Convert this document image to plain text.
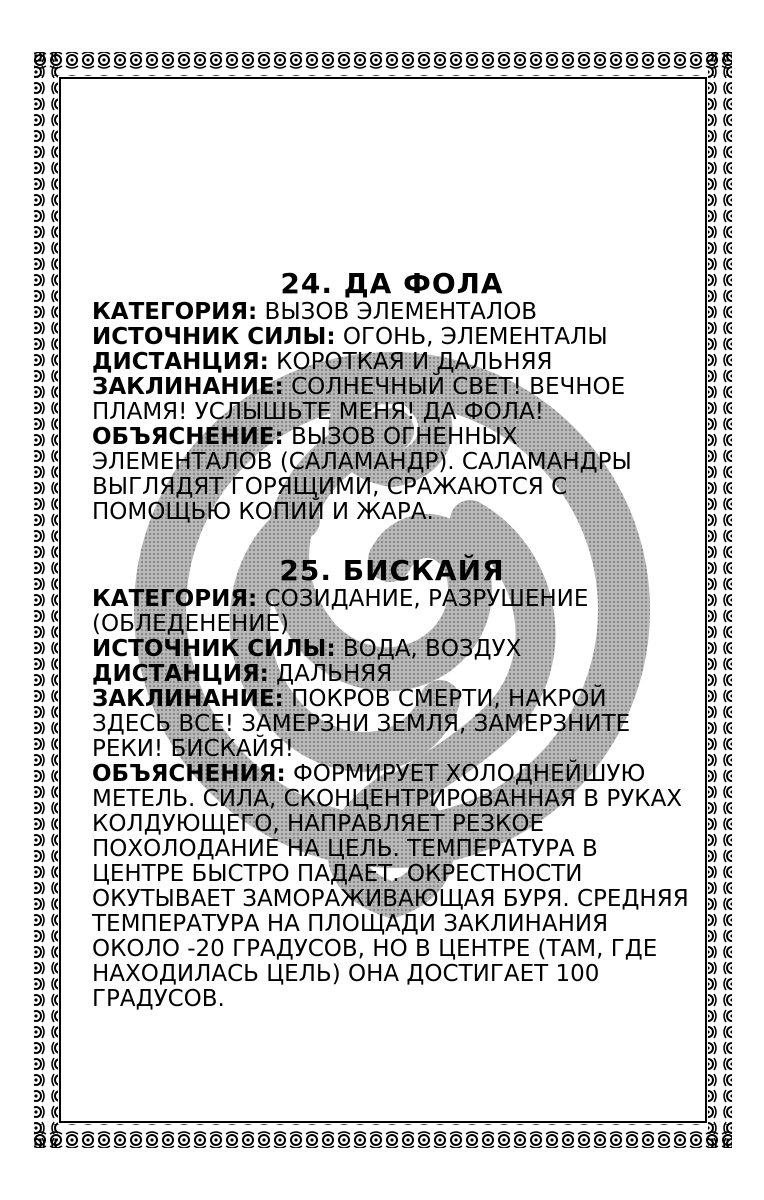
24. ДА ФОЛА

КАТЕГОРИЯ: ВЫЗОВ ЭЛЕМЕНТАЛОВ

ИСТОЧНИК СИЛЫ: ОГОНЬ, ЭЛЕМЕНТАЛЫ

ДИСТАНЦИЯ: КОРОТКАЯ И ДАЛЬНЯЯ

ЗАКЛИНАНИЕ: СОЛНЕЧНЫЙ СВЕТ! ВЕЧНОЕ ПЛАМЯ! УСЛЫШЬТЕ МЕНЯ! ДА ФОЛА!

ОБЪЯСНЕНИЕ: ВЫЗОВ ОГНЕННЫХ ЭЛЕМЕНТАЛОВ (САЛАМАНДР). САЛАМАНДРЫ ВЫГЛЯДЯТ ГОРЯЩИМИ, СРАЖАЮТСЯ С ПОМОЩЬЮ КОПИЙ И ЖАРА.

25. БИСКАЙЯ

КАТЕГОРИЯ: СОЗИДАНИЕ, РАЗРУШЕНИЕ (ОБЛЕДЕНЕНИЕ)

ИСТОЧНИК СИЛЫ: ВОДА, ВОЗДУХ

ДИСТАНЦИЯ: ДАЛЬНЯЯ

ЗАКЛИНАНИЕ: ПОКРОВ СМЕРТИ, НАКРОЙ ЗДЕСЬ ВСЕ! ЗАМЕРЗНИ ЗЕМЛЯ, ЗАМЕРЗНИТЕ РЕКИ! БИСКАЙЯ!

ОБЪЯСНЕНИЯ: ФОРМИРУЕТ ХОЛОДНЕЙШУЮ МЕТЕЛЬ. СИЛА, СКОНЦЕНТРИРОВАННАЯ В РУКАХ КОЛДУЮЩЕГО, НАПРАВЛЯЕТ РЕЗКОЕ ПОХОЛОДАНИЕ НА ЦЕЛЬ. ТЕМПЕРАТУРА В ЦЕНТРЕ БЫСТРО ПАДАЕТ. ОКРЕСТНОСТИ ОКУТЫВАЕТ ЗАМОРАЖИВАЮЩАЯ БУРЯ. СРЕДНЯЯ ТЕМПЕРАТУРА НА ПЛОЩАДИ ЗАКЛИНАНИЯ ОКОЛО -20 ГРАДУСОВ, НО В ЦЕНТРЕ (ТАМ, ГДЕ НАХОДИЛАСЬ ЦЕЛЬ) ОНА ДОСТИГАЕТ 100 ГРАДУСОВ.
